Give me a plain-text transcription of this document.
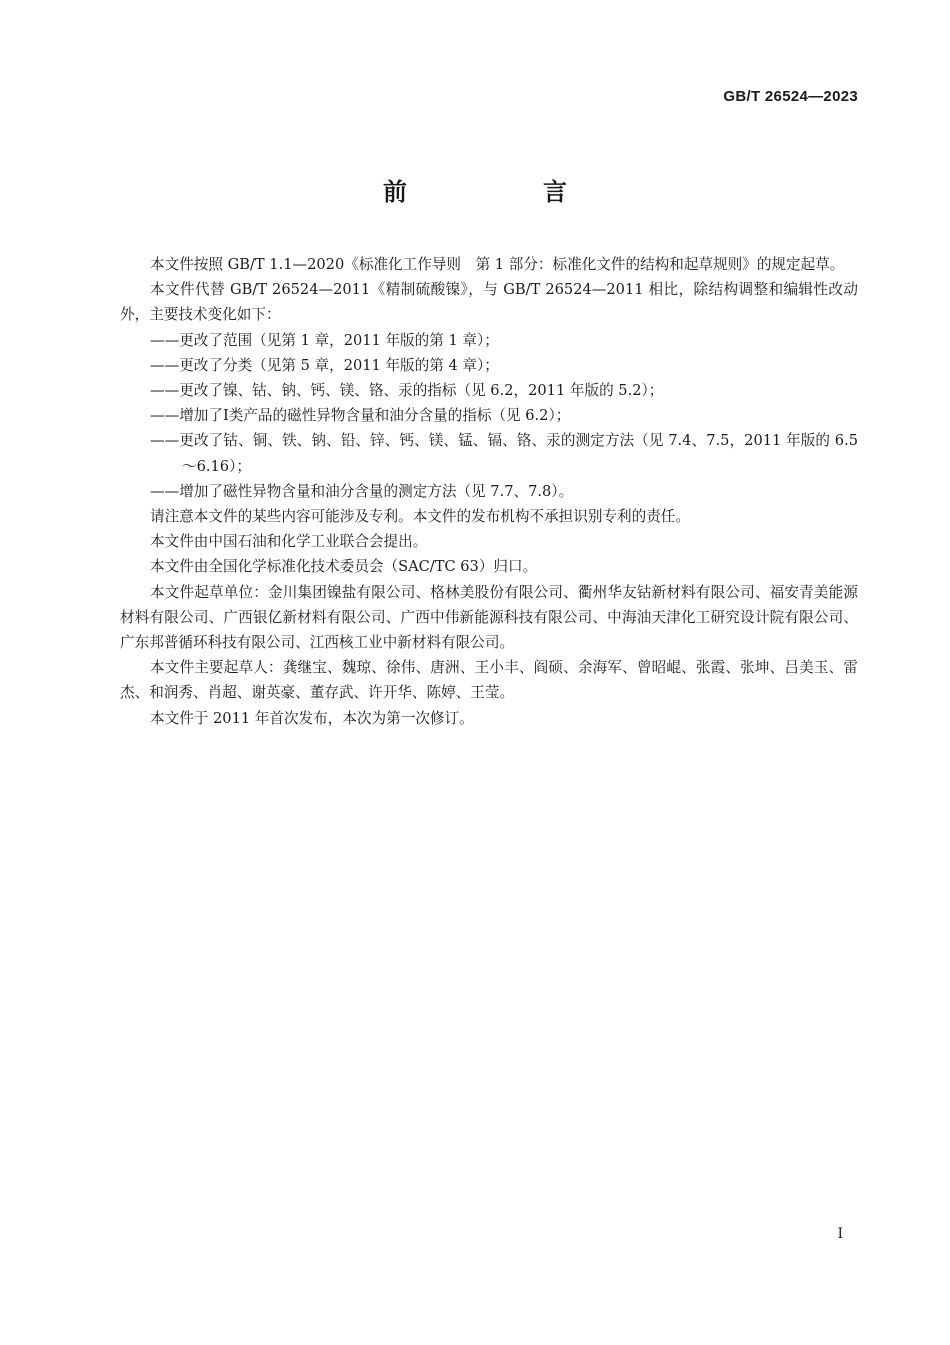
GB/T 26524—2023
前　言

本文件按照 GB/T 1.1—2020《标准化工作导则　第 1 部分：标准化文件的结构和起草规则》的规定起草。

本文件代替 GB/T 26524—2011《精制硫酸镍》，与 GB/T 26524—2011 相比，除结构调整和编辑性改动外，主要技术变化如下：

——更改了范围（见第 1 章，2011 年版的第 1 章）；

——更改了分类（见第 5 章，2011 年版的第 4 章）；

——更改了镍、钴、钠、钙、镁、铬、汞的指标（见 6.2，2011 年版的 5.2）；

——增加了Ⅰ类产品的磁性异物含量和油分含量的指标（见 6.2）；

——更改了钴、铜、铁、钠、铅、锌、钙、镁、锰、镉、铬、汞的测定方法（见 7.4、7.5，2011 年版的 6.5～6.16）；

——增加了磁性异物含量和油分含量的测定方法（见 7.7、7.8）。

请注意本文件的某些内容可能涉及专利。本文件的发布机构不承担识别专利的责任。

本文件由中国石油和化学工业联合会提出。

本文件由全国化学标准化技术委员会（SAC/TC 63）归口。

本文件起草单位：金川集团镍盐有限公司、格林美股份有限公司、衢州华友钴新材料有限公司、福安青美能源材料有限公司、广西银亿新材料有限公司、广西中伟新能源科技有限公司、中海油天津化工研究设计院有限公司、广东邦普循环科技有限公司、江西核工业中新材料有限公司。

本文件主要起草人：龚继宝、魏琼、徐伟、唐洲、王小丰、阎硕、余海军、曾昭崐、张霞、张坤、吕美玉、雷杰、和润秀、肖超、谢英豪、董存武、许开华、陈婷、王莹。

本文件于 2011 年首次发布，本次为第一次修订。

I
